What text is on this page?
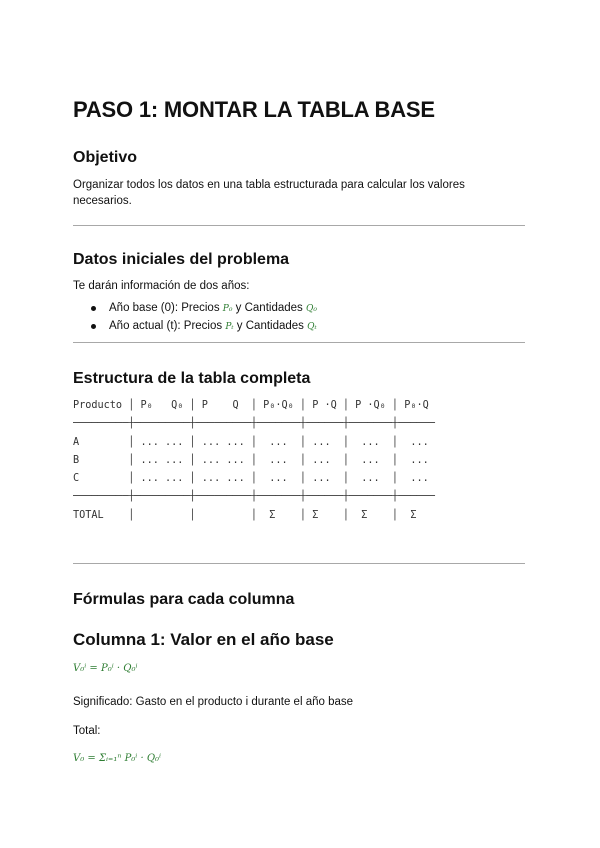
PASO 1: MONTAR LA TABLA BASE
Objetivo

Organizar todos los datos en una tabla estructurada para calcular los valores necesarios.

Datos iniciales del problema

Te darán información de dos años:

Año base (0): Precios P₀ y Cantidades Q₀
Año actual (t): Precios Pₜ y Cantidades Qₜ
Estructura de la tabla completa
Producto │ P₀   Q₀ │ P    Q  │ P₀·Q₀ │ P ·Q │ P ·Q₀ │ P₀·Q
─────────┼─────────┼─────────┼───────┼──────┼───────┼──────
A        │ ... ... │ ... ... │  ...  │ ...  │  ...  │  ...
B        │ ... ... │ ... ... │  ...  │ ...  │  ...  │  ...
C        │ ... ... │ ... ... │  ...  │ ...  │  ...  │  ...
─────────┼─────────┼─────────┼───────┼──────┼───────┼──────
TOTAL    │         │         │  Σ    │ Σ    │  Σ    │  Σ
Fórmulas para cada columna
Columna 1: Valor en el año base
V₀ⁱ = P₀ⁱ · Q₀ⁱ

Significado: Gasto en el producto i durante el año base

Total:

V₀ = Σᵢ₌₁ⁿ P₀ⁱ · Q₀ⁱ
